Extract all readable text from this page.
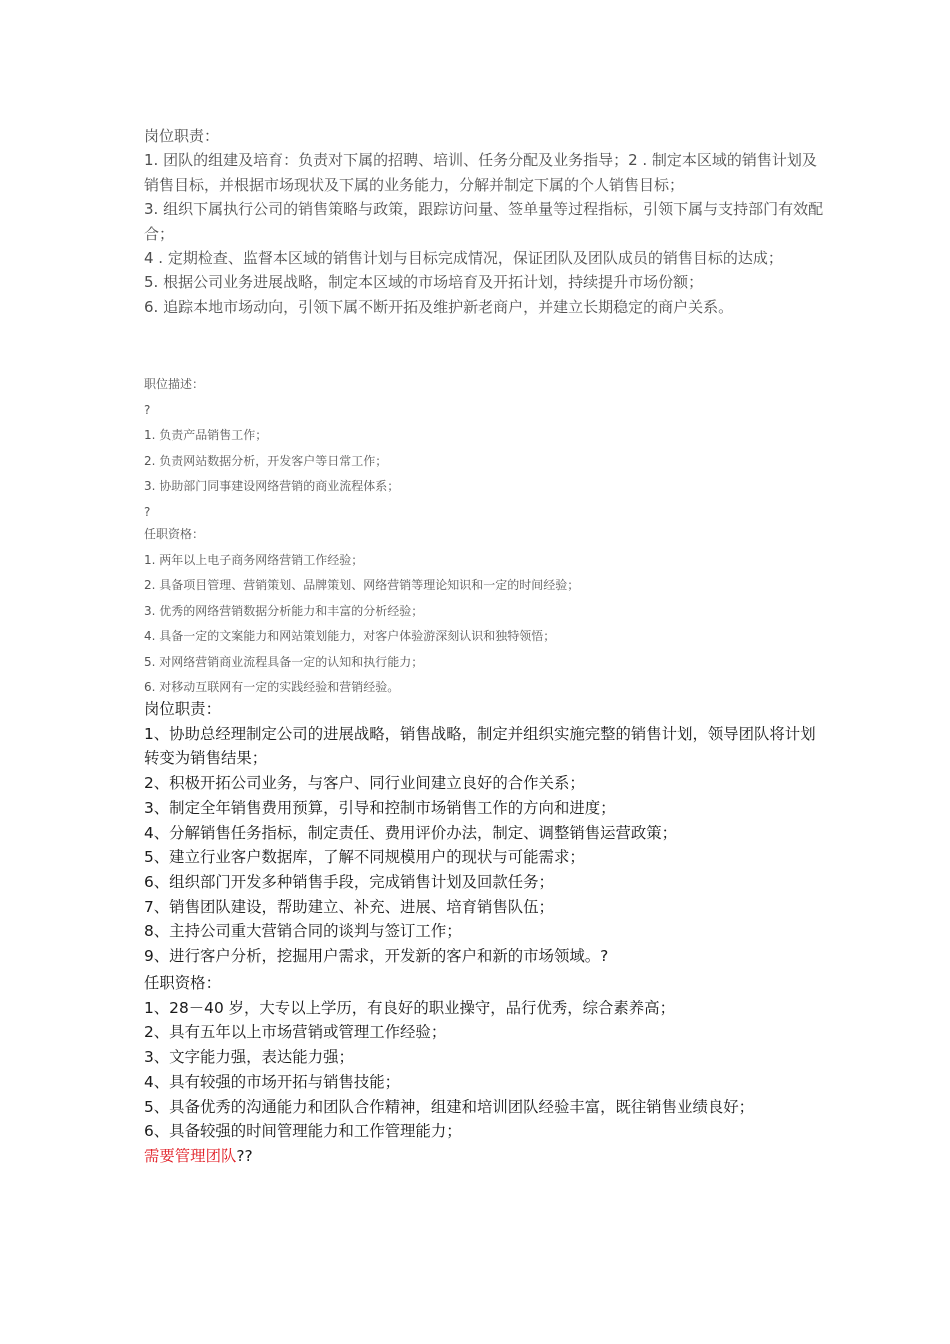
岗位职责：
1. 团队的组建及培育：负责对下属的招聘、培训、任务分配及业务指导；2 . 制定本区域的销售计划及销售目标，并根据市场现状及下属的业务能力，分解并制定下属的个人销售目标；
3. 组织下属执行公司的销售策略与政策，跟踪访问量、签单量等过程指标，引领下属与支持部门有效配合；
4 . 定期检查、监督本区域的销售计划与目标完成情况，保证团队及团队成员的销售目标的达成；
5. 根据公司业务进展战略，制定本区域的市场培育及开拓计划，持续提升市场份额；
6. 追踪本地市场动向，引领下属不断开拓及维护新老商户，并建立长期稳定的商户关系。
职位描述：
?
1. 负责产品销售工作；
2. 负责网站数据分析，开发客户等日常工作；
3. 协助部门同事建设网络营销的商业流程体系；
?
任职资格：
1. 两年以上电子商务网络营销工作经验；
2. 具备项目管理、营销策划、品牌策划、网络营销等理论知识和一定的时间经验；
3. 优秀的网络营销数据分析能力和丰富的分析经验；
4. 具备一定的文案能力和网站策划能力，对客户体验游深刻认识和独特领悟；
5. 对网络营销商业流程具备一定的认知和执行能力；
6. 对移动互联网有一定的实践经验和营销经验。
岗位职责：
1、协助总经理制定公司的进展战略，销售战略，制定并组织实施完整的销售计划，领导团队将计划转变为销售结果；
2、积极开拓公司业务，与客户、同行业间建立良好的合作关系；
3、制定全年销售费用预算，引导和控制市场销售工作的方向和进度；
4、分解销售任务指标，制定责任、费用评价办法，制定、调整销售运营政策；
5、建立行业客户数据库，了解不同规模用户的现状与可能需求；
6、组织部门开发多种销售手段，完成销售计划及回款任务；
7、销售团队建设，帮助建立、补充、进展、培育销售队伍；
8、主持公司重大营销合同的谈判与签订工作；
9、进行客户分析，挖掘用户需求，开发新的客户和新的市场领域。?
任职资格：
1、28－40 岁，大专以上学历，有良好的职业操守，品行优秀，综合素养高；
2、具有五年以上市场营销或管理工作经验；
3、文字能力强，表达能力强；
4、具有较强的市场开拓与销售技能；
5、具备优秀的沟通能力和团队合作精神，组建和培训团队经验丰富，既往销售业绩良好；
6、具备较强的时间管理能力和工作管理能力；
需要管理团队??
